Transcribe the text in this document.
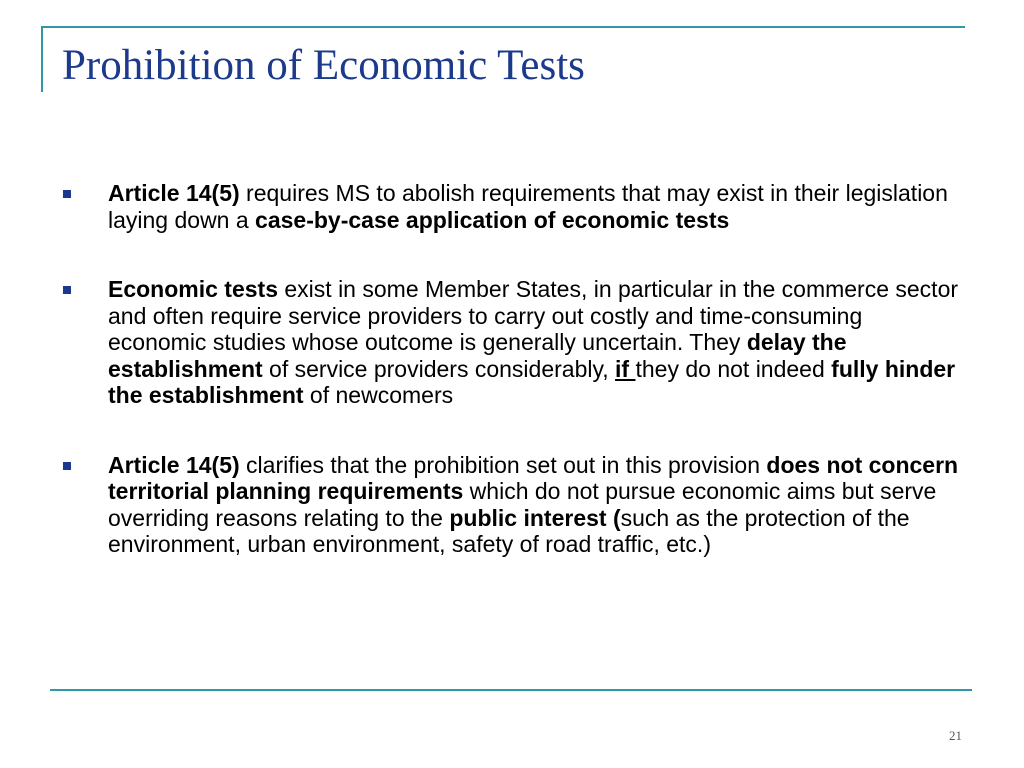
Prohibition of Economic Tests
Article 14(5) requires MS to abolish requirements that may exist in their legislation laying down a case-by-case application of economic tests
Economic tests exist in some Member States, in particular in the commerce sector and often require service providers to carry out costly and time-consuming economic studies whose outcome is generally uncertain. They delay the establishment of service providers considerably, if they do not indeed fully hinder the establishment of newcomers
Article 14(5) clarifies that the prohibition set out in this provision does not concern territorial planning requirements which do not pursue economic aims but serve overriding reasons relating to the public interest (such as the protection of the environment, urban environment, safety of road traffic, etc.)
21
